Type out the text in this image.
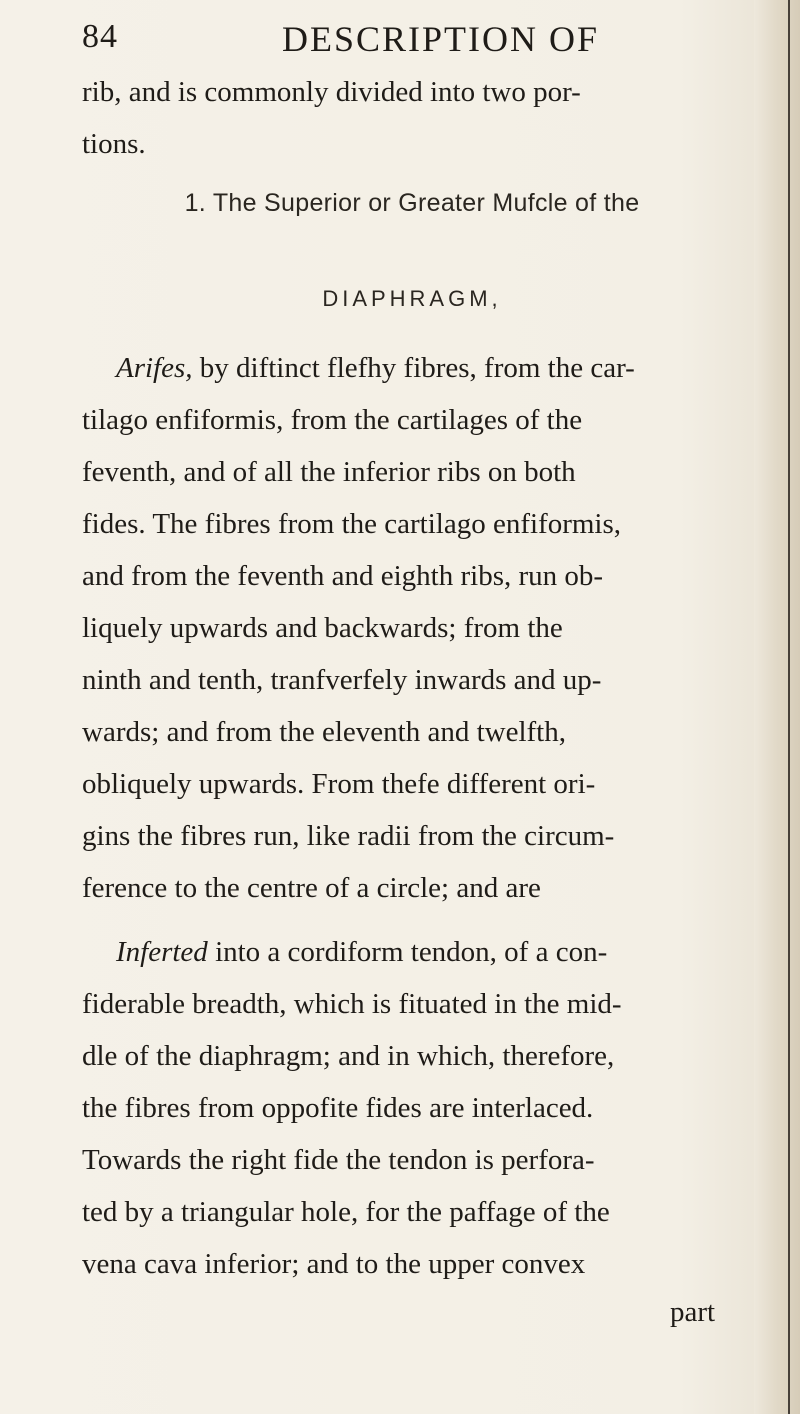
84	DESCRIPTION OF
rib, and is commonly divided into two por-
tions.
1. The Superior or Greater Mufcle of the
DIAPHRAGM,
Arifes, by diftinct flefhy fibres, from the car-
tilago enfiformis, from the cartilages of the
feventh, and of all the inferior ribs on both
fides. The fibres from the cartilago enfiformis,
and from the feventh and eighth ribs, run ob-
liquely upwards and backwards; from the
ninth and tenth, tranfverfely inwards and up-
wards; and from the eleventh and twelfth,
obliquely upwards. From thefe different ori-
gins the fibres run, like radii from the circum-
ference to the centre of a circle; and are
Inferted into a cordiform tendon, of a con-
fiderable breadth, which is fituated in the mid-
dle of the diaphragm; and in which, therefore,
the fibres from oppofite fides are interlaced.
Towards the right fide the tendon is perfora-
ted by a triangular hole, for the paffage of the
vena cava inferior; and to the upper convex
part
